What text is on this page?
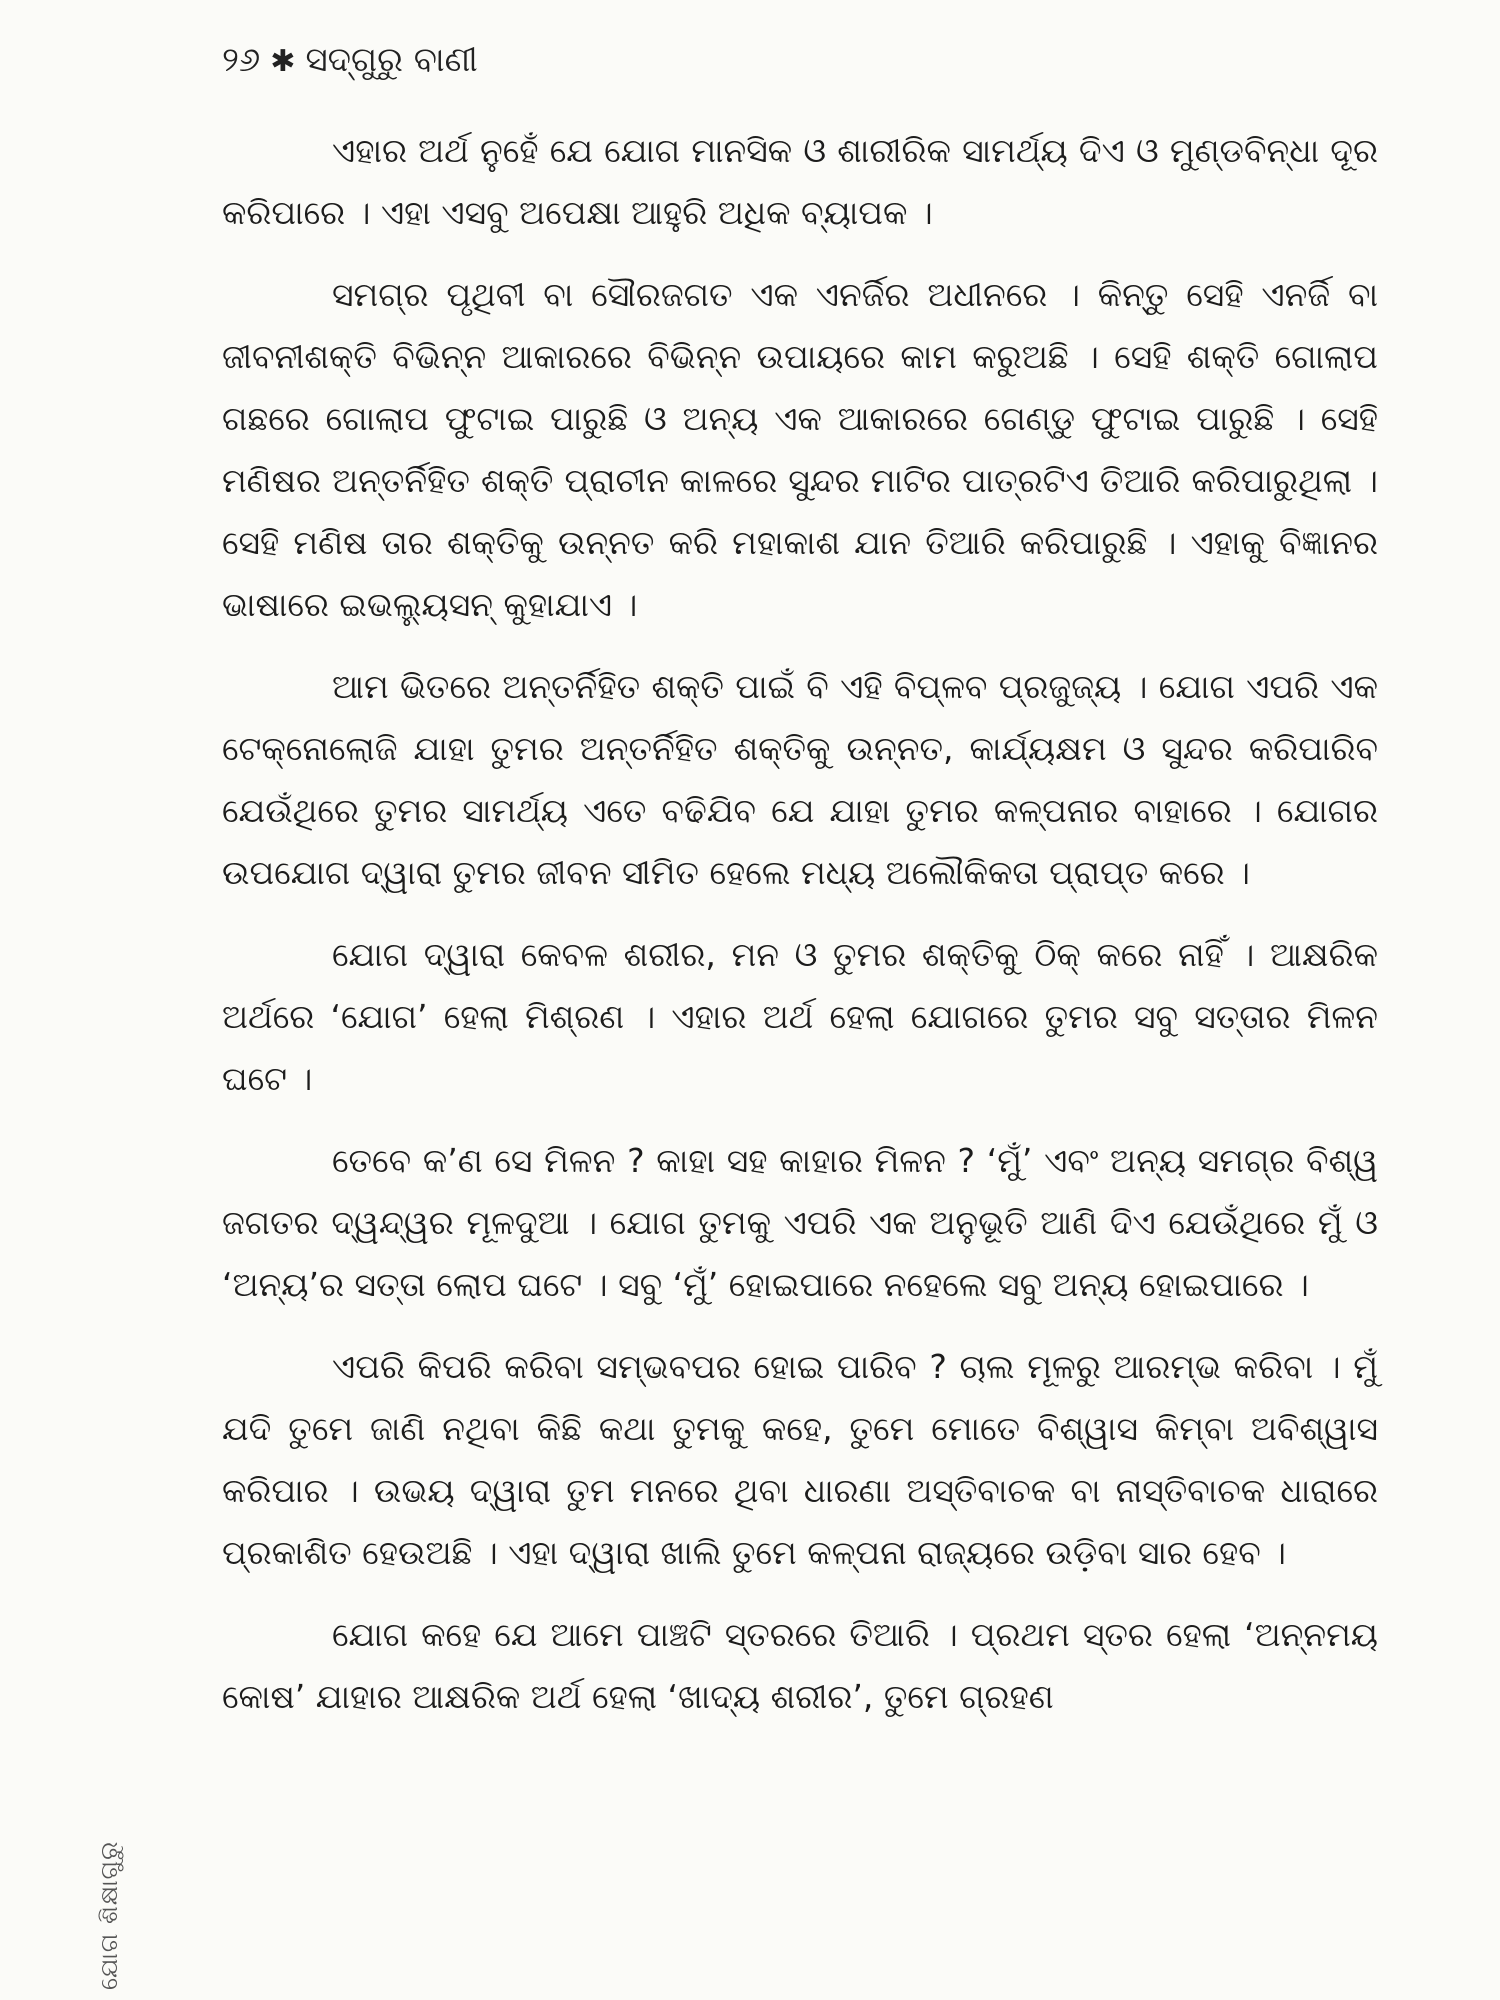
୨୬ ✱ ସଦ୍‌ଗୁରୁ ବାଣୀ

ଏହାର ଅର୍ଥ ନୁହେଁ ଯେ ଯୋଗ ମାନସିକ ଓ ଶାରୀରିକ ସାମର୍ଥ୍ୟ ଦିଏ ଓ ମୁଣ୍ଡବିନ୍ଧା ଦୂର କରିପାରେ । ଏହା ଏସବୁ ଅପେକ୍ଷା ଆହୁରି ଅଧିକ ବ୍ୟାପକ ।

ସମଗ୍ର ପୃଥିବୀ ବା ସୌରଜଗତ ଏକ ଏନର୍ଜିର ଅଧୀନରେ । କିନ୍ତୁ ସେହି ଏନର୍ଜି ବା ଜୀବନୀଶକ୍ତି ବିଭିନ୍ନ ଆକାରରେ ବିଭିନ୍ନ ଉପାୟରେ କାମ କରୁଅଛି । ସେହି ଶକ୍ତି ଗୋଲାପ ଗଛରେ ଗୋଲାପ ଫୁଟାଇ ପାରୁଛି ଓ ଅନ୍ୟ ଏକ ଆକାରରେ ଗେଣ୍ଡୁ ଫୁଟାଇ ପାରୁଛି । ସେହି ମଣିଷର ଅନ୍ତର୍ନିହିତ ଶକ୍ତି ପ୍ରାଚୀନ କାଳରେ ସୁନ୍ଦର ମାଟିର ପାତ୍ରଟିଏ ତିଆରି କରିପାରୁଥିଲା । ସେହି ମଣିଷ ତାର ଶକ୍ତିକୁ ଉନ୍ନତ କରି ମହାକାଶ ଯାନ ତିଆରି କରିପାରୁଛି । ଏହାକୁ ବିଜ୍ଞାନର ଭାଷାରେ ଇଭଲ୍ୟୁସନ୍ କୁହାଯାଏ ।

ଆମ ଭିତରେ ଅନ୍ତର୍ନିହିତ ଶକ୍ତି ପାଇଁ ବି ଏହି ବିପ୍ଳବ ପ୍ରଜୁଜ୍ୟ । ଯୋଗ ଏପରି ଏକ ଟେକ୍‌ନୋଲୋଜି ଯାହା ତୁମର ଅନ୍ତର୍ନିହିତ ଶକ୍ତିକୁ ଉନ୍ନତ, କାର୍ଯ୍ୟକ୍ଷମ ଓ ସୁନ୍ଦର କରିପାରିବ ଯେଉଁଥିରେ ତୁମର ସାମର୍ଥ୍ୟ ଏତେ ବଢିଯିବ ଯେ ଯାହା ତୁମର କଳ୍ପନାର ବାହାରେ । ଯୋଗର ଉପଯୋଗ ଦ୍ୱାରା ତୁମର ଜୀବନ ସୀମିତ ହେଲେ ମଧ୍ୟ ଅଲୌକିକତା ପ୍ରାପ୍ତ କରେ ।

ଯୋଗ ଦ୍ୱାରା କେବଳ ଶରୀର, ମନ ଓ ତୁମର ଶକ୍ତିକୁ ଠିକ୍ କରେ ନାହିଁ । ଆକ୍ଷରିକ ଅର୍ଥରେ ‘ଯୋଗ’ ହେଲା ମିଶ୍ରଣ । ଏହାର ଅର୍ଥ ହେଲା ଯୋଗରେ ତୁମର ସବୁ ସତ୍ତାର ମିଳନ ଘଟେ ।

ତେବେ କ’ଣ ସେ ମିଳନ ? କାହା ସହ କାହାର ମିଳନ ? ‘ମୁଁ’ ଏବଂ ଅନ୍ୟ ସମଗ୍ର ବିଶ୍ୱ ଜଗତର ଦ୍ୱନ୍ଦ୍ୱର ମୂଳଦୁଆ । ଯୋଗ ତୁମକୁ ଏପରି ଏକ ଅନୁଭୂତି ଆଣି ଦିଏ ଯେଉଁଥିରେ ମୁଁ ଓ ‘ଅନ୍ୟ’ର ସତ୍ତା ଲୋପ ଘଟେ । ସବୁ ‘ମୁଁ’ ହୋଇପାରେ ନହେଲେ ସବୁ ଅନ୍ୟ ହୋଇପାରେ ।

ଏପରି କିପରି କରିବା ସମ୍ଭବପର ହୋଇ ପାରିବ ? ଚାଲ ମୂଳରୁ ଆରମ୍ଭ କରିବା । ମୁଁ ଯଦି ତୁମେ ଜାଣି ନଥିବା କିଛି କଥା ତୁମକୁ କହେ, ତୁମେ ମୋତେ ବିଶ୍ୱାସ କିମ୍ବା ଅବିଶ୍ୱାସ କରିପାର । ଉଭୟ ଦ୍ୱାରା ତୁମ ମନରେ ଥିବା ଧାରଣା ଅସ୍ତିବାଚକ ବା ନାସ୍ତିବାଚକ ଧାରାରେ ପ୍ରକାଶିତ ହେଉଅଛି । ଏହା ଦ୍ୱାରା ଖାଲି ତୁମେ କଳ୍ପନା ରାଜ୍ୟରେ ଉଡ଼ିବା ସାର ହେବ ।

ଯୋଗ କହେ ଯେ ଆମେ ପାଞ୍ଚଟି ସ୍ତରରେ ତିଆରି । ପ୍ରଥମ ସ୍ତର ହେଲା ‘ଅନ୍ନମୟ କୋଷ’ ଯାହାର ଆକ୍ଷରିକ ଅର୍ଥ ହେଲା ‘ଖାଦ୍ୟ ଶରୀର’, ତୁମେ ଗ୍ରହଣ

ଯୋଗ ଶିକ୍ଷାଗୁରୁ
